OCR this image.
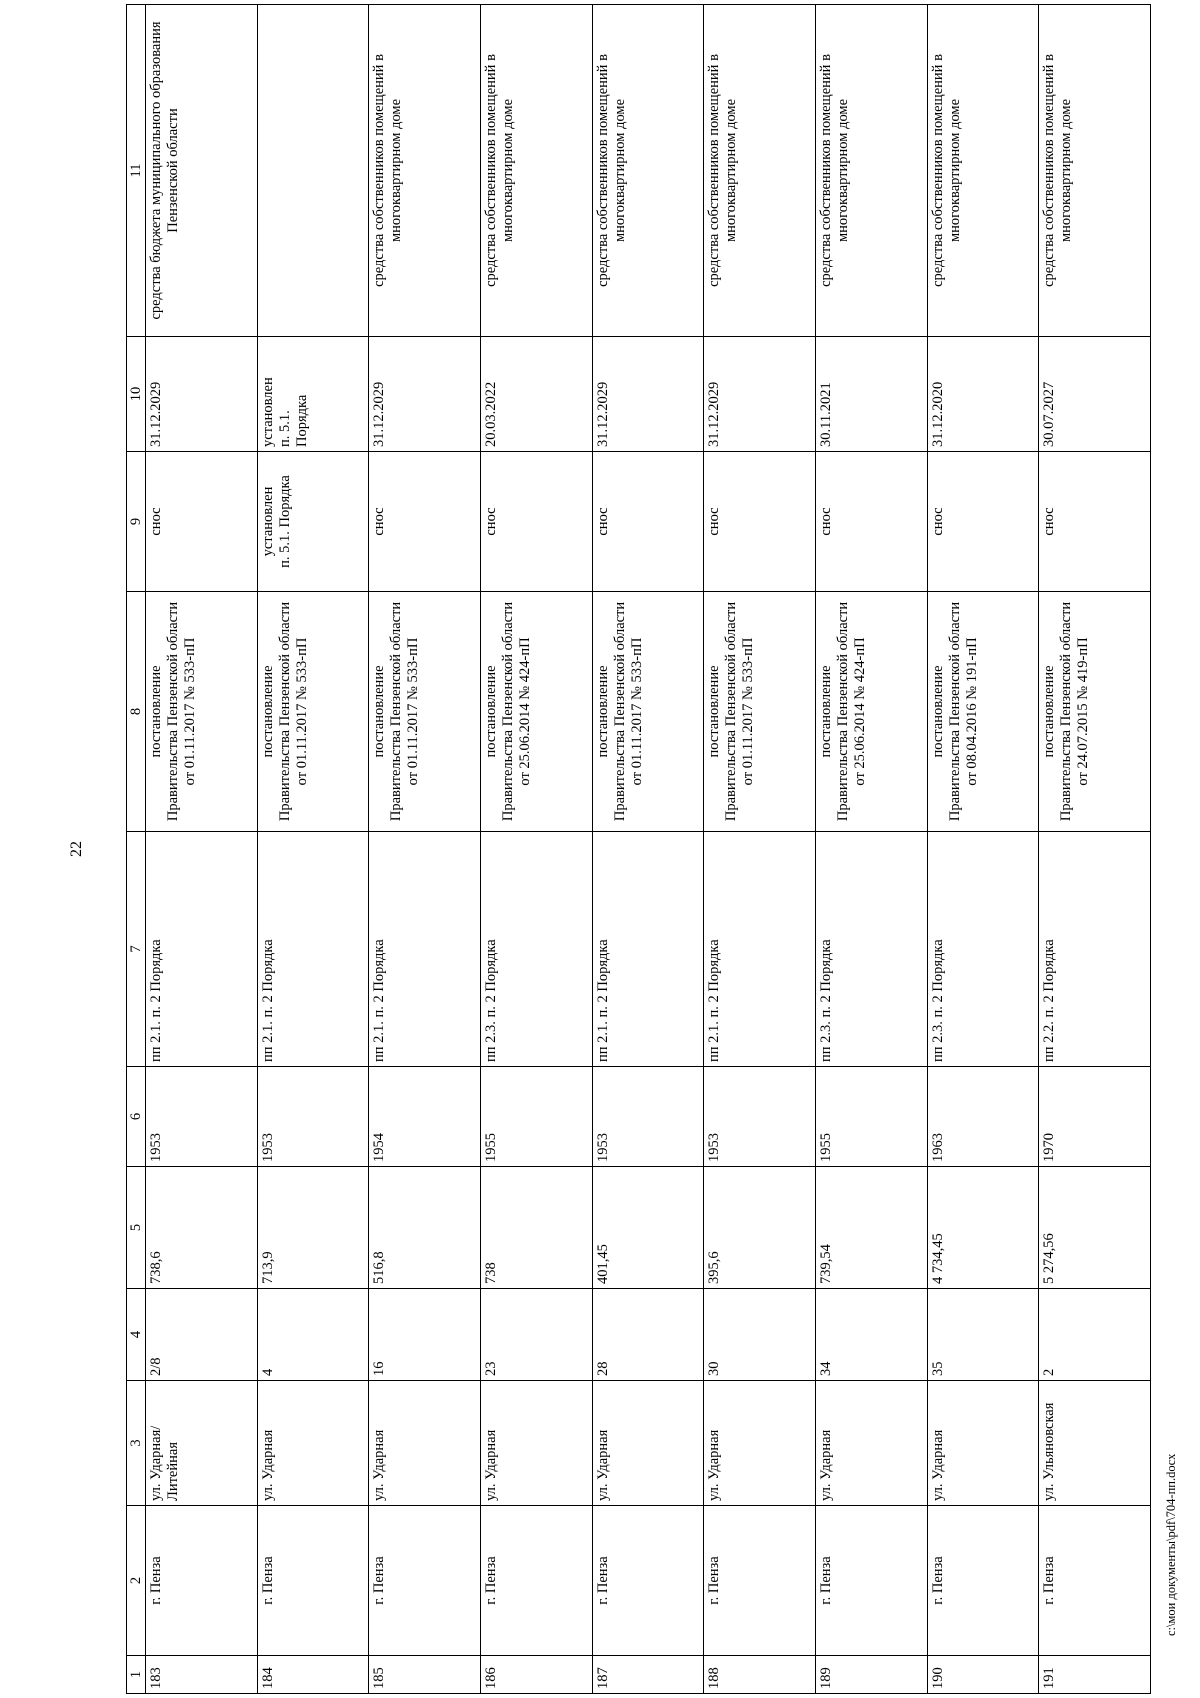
22
1	2	3	4	5	6	7	8	9	10	11
183	г. Пенза	ул. Ударная/
Литейная	2/8	738,6	1953	пп 2.1. п. 2 Порядка	постановление
Правительства Пензенской области
от 01.11.2017 № 533-пП	снос	31.12.2029	средства бюджета муниципального образования Пензенской области
184	г. Пенза	ул. Ударная	4	713,9	1953	пп 2.1. п. 2 Порядка	постановление
Правительства Пензенской области
от 01.11.2017 № 533-пП	установлен
п. 5.1. Порядка	установлен
п. 5.1.
Порядка	
185	г. Пенза	ул. Ударная	16	516,8	1954	пп 2.1. п. 2 Порядка	постановление
Правительства Пензенской области
от 01.11.2017 № 533-пП	снос	31.12.2029	средства собственников помещений в многоквартирном доме
186	г. Пенза	ул. Ударная	23	738	1955	пп 2.3. п. 2 Порядка	постановление
Правительства Пензенской области
от 25.06.2014 № 424-пП	снос	20.03.2022	средства собственников помещений в многоквартирном доме
187	г. Пенза	ул. Ударная	28	401,45	1953	пп 2.1. п. 2 Порядка	постановление
Правительства Пензенской области
от 01.11.2017 № 533-пП	снос	31.12.2029	средства собственников помещений в многоквартирном доме
188	г. Пенза	ул. Ударная	30	395,6	1953	пп 2.1. п. 2 Порядка	постановление
Правительства Пензенской области
от 01.11.2017 № 533-пП	снос	31.12.2029	средства собственников помещений в многоквартирном доме
189	г. Пенза	ул. Ударная	34	739,54	1955	пп 2.3. п. 2 Порядка	постановление
Правительства Пензенской области
от 25.06.2014 № 424-пП	снос	30.11.2021	средства собственников помещений в многоквартирном доме
190	г. Пенза	ул. Ударная	35	4 734,45	1963	пп 2.3. п. 2 Порядка	постановление
Правительства Пензенской области
от 08.04.2016 № 191-пП	снос	31.12.2020	средства собственников помещений в многоквартирном доме
191	г. Пенза	ул. Ульяновская	2	5 274,56	1970	пп 2.2. п. 2 Порядка	постановление
Правительства Пензенской области
от 24.07.2015 № 419-пП	снос	30.07.2027	средства собственников помещений в многоквартирном доме
c:\мои документы\pdf\704-пп.docx
